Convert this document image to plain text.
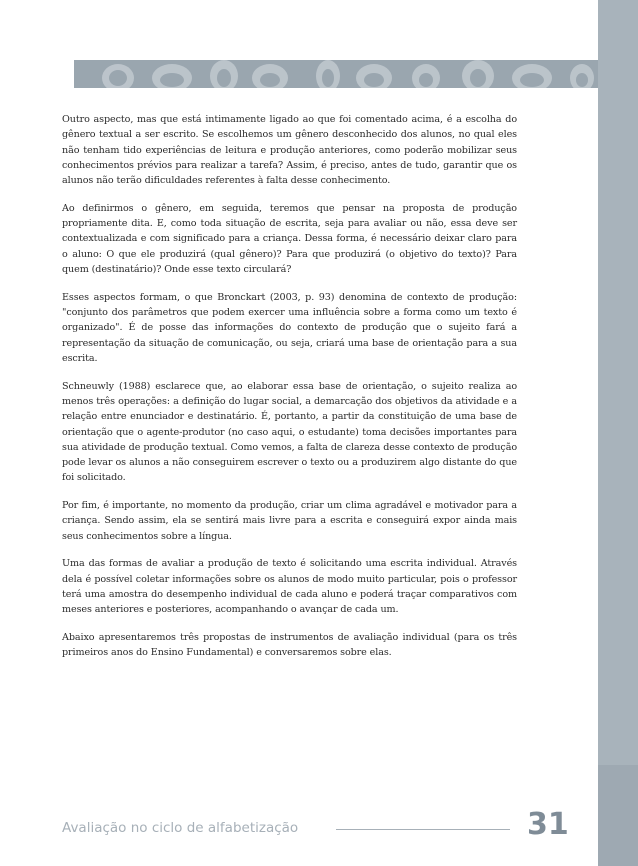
Outro aspecto, mas que está intimamente ligado ao que foi comentado acima, é a escolha do gênero textual a ser escrito. Se escolhemos um gênero desconhecido dos alunos, no qual eles não tenham tido experiências de leitura e produção anteriores, como poderão mobilizar seus conhecimentos prévios para realizar a tarefa? Assim, é preciso, antes de tudo, garantir que os alunos não terão dificuldades referentes à falta desse conhecimento.

Ao definirmos o gênero, em seguida, teremos que pensar na proposta de produção propriamente dita. E, como toda situação de escrita, seja para avaliar ou não, essa deve ser contextualizada e com significado para a criança. Dessa forma, é necessário deixar claro para o aluno: O que ele produzirá (qual gênero)? Para que produzirá (o objetivo do texto)? Para quem (destinatário)? Onde esse texto circulará?

Esses aspectos formam, o que Bronckart (2003, p. 93) denomina de contexto de produção: "conjunto dos parâmetros que podem exercer uma influência sobre a forma como um texto é organizado". É de posse das informações do contexto de produção que o sujeito fará a representação da situação de comunicação, ou seja, criará uma base de orientação para a sua escrita.

Schneuwly (1988) esclarece que, ao elaborar essa base de orientação, o sujeito realiza ao menos três operações: a definição do lugar social, a demarcação dos objetivos da atividade e a relação entre enunciador e destinatário. É, portanto, a partir da constituição de uma base de orientação que o agente-produtor (no caso aqui, o estudante) toma decisões importantes para sua atividade de produção textual. Como vemos, a falta de clareza desse contexto de produção pode levar os alunos a não conseguirem escrever o texto ou a produzirem algo distante do que foi solicitado.

Por fim, é importante, no momento da produção, criar um clima agradável e motivador para a criança. Sendo assim, ela se sentirá mais livre para a escrita e conseguirá expor ainda mais seus conhecimentos sobre a língua.

Uma das formas de avaliar a produção de texto é solicitando uma escrita individual. Através dela é possível coletar informações sobre os alunos de modo muito particular, pois o professor terá uma amostra do desempenho individual de cada aluno e poderá traçar comparativos com meses anteriores e posteriores, acompanhando o avançar de cada um.

Abaixo apresentaremos três propostas de instrumentos de avaliação individual (para os três primeiros anos do Ensino Fundamental) e conversaremos sobre elas.

Avaliação no ciclo de alfabetização	31
